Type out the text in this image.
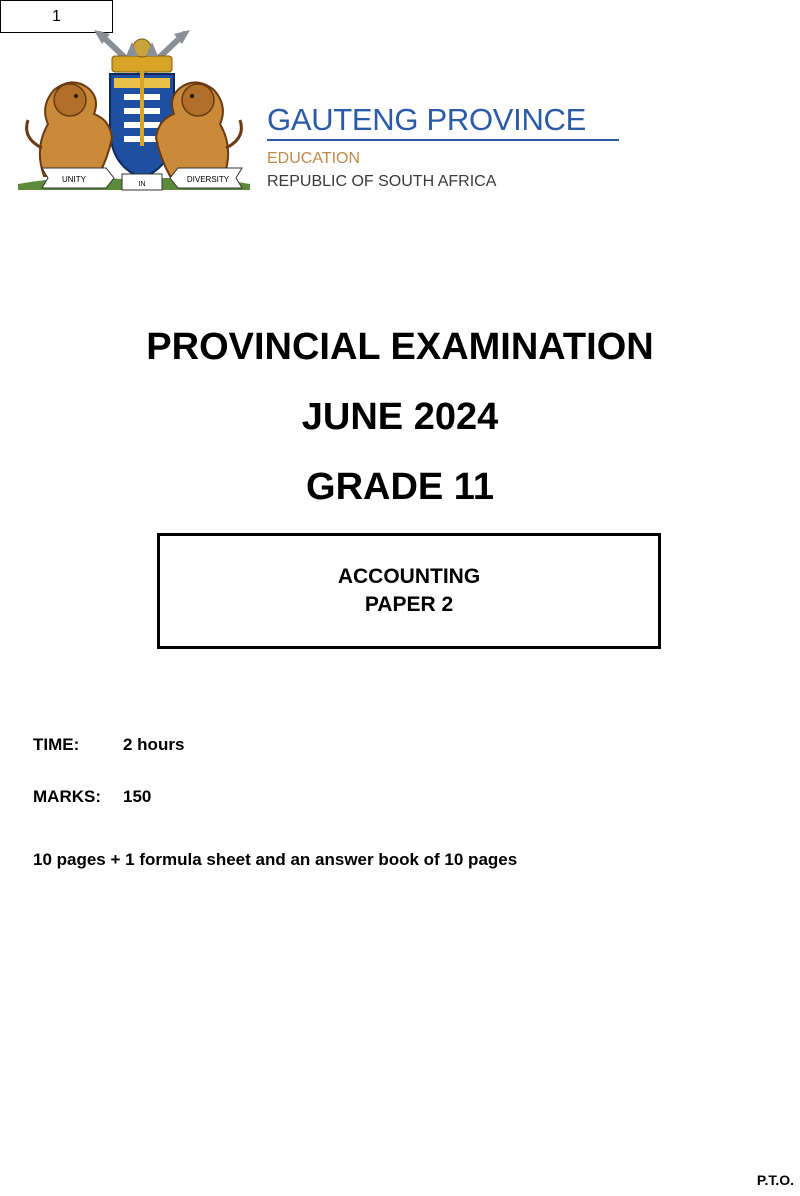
1
UNITY
IN
DIVERSITY
GAUTENG PROVINCE
EDUCATION
REPUBLIC OF SOUTH AFRICA
PROVINCIAL EXAMINATION
JUNE 2024
GRADE 11
ACCOUNTING
PAPER 2
TIME:	2 hours
MARKS: 150
10 pages + 1 formula sheet and an answer book of 10 pages
P.T.O.
